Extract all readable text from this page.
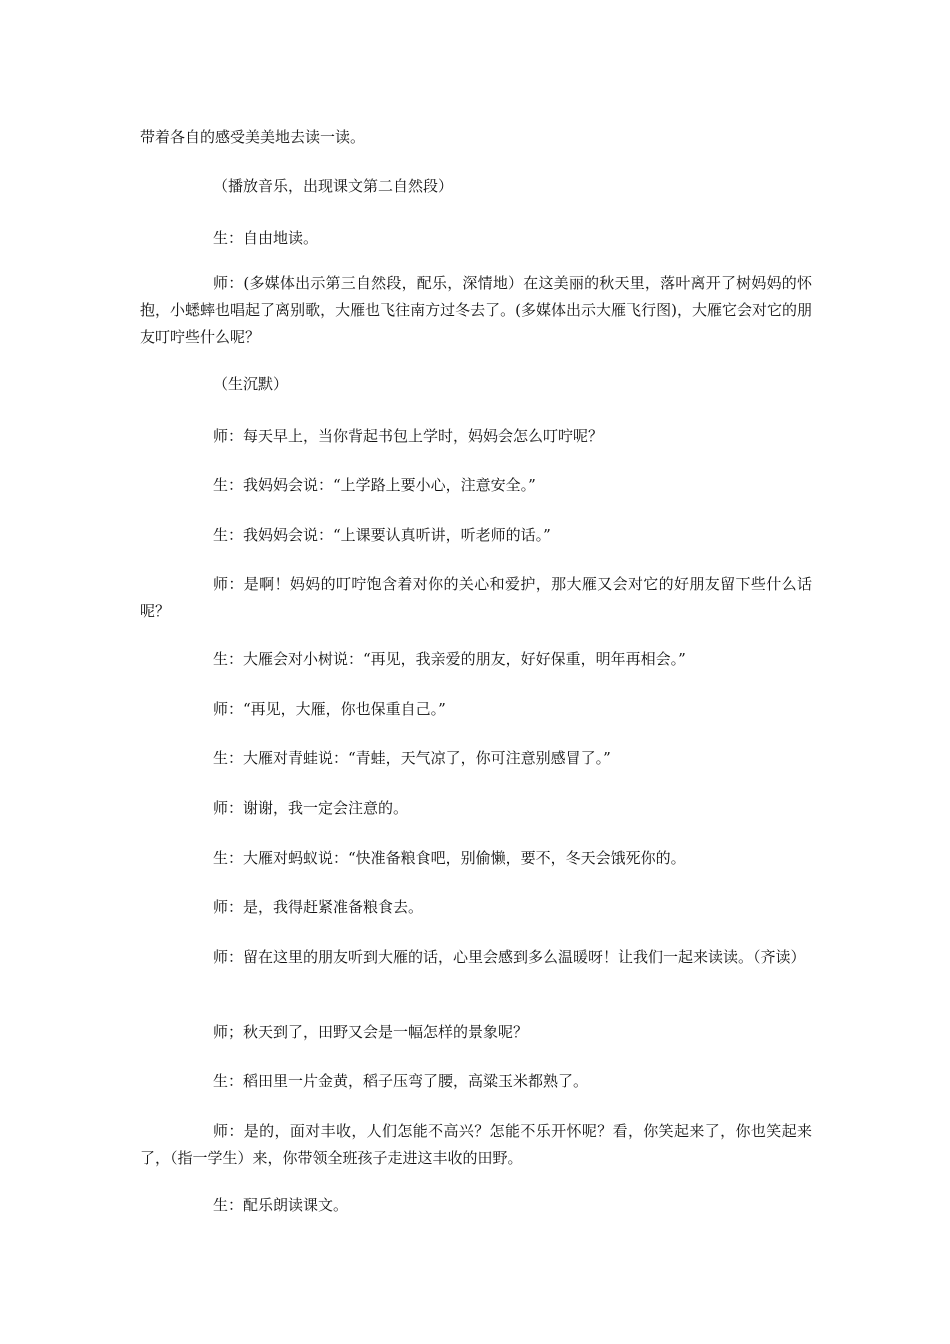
带着各自的感受美美地去读一读。

（播放音乐，出现课文第二自然段）

生：自由地读。

师：(多媒体出示第三自然段，配乐，深情地）在这美丽的秋天里，落叶离开了树妈妈的怀抱，小蟋蟀也唱起了离别歌，大雁也飞往南方过冬去了。(多媒体出示大雁飞行图)，大雁它会对它的朋友叮咛些什么呢？

（生沉默）

师：每天早上，当你背起书包上学时，妈妈会怎么叮咛呢？

生：我妈妈会说：“上学路上要小心，注意安全。”

生：我妈妈会说：“上课要认真听讲，听老师的话。”

师：是啊！妈妈的叮咛饱含着对你的关心和爱护，那大雁又会对它的好朋友留下些什么话呢？

生：大雁会对小树说：“再见，我亲爱的朋友，好好保重，明年再相会。”

师：“再见，大雁，你也保重自己。”

生：大雁对青蛙说：“青蛙，天气凉了，你可注意别感冒了。”

师：谢谢，我一定会注意的。

生：大雁对蚂蚁说：“快准备粮食吧，别偷懒，要不，冬天会饿死你的。

师：是，我得赶紧准备粮食去。

师：留在这里的朋友听到大雁的话，心里会感到多么温暖呀！让我们一起来读读。（齐读）

师；秋天到了，田野又会是一幅怎样的景象呢？

生：稻田里一片金黄，稻子压弯了腰，高粱玉米都熟了。

师：是的，面对丰收，人们怎能不高兴？怎能不乐开怀呢？看，你笑起来了，你也笑起来了，（指一学生）来，你带领全班孩子走进这丰收的田野。

生：配乐朗读课文。
